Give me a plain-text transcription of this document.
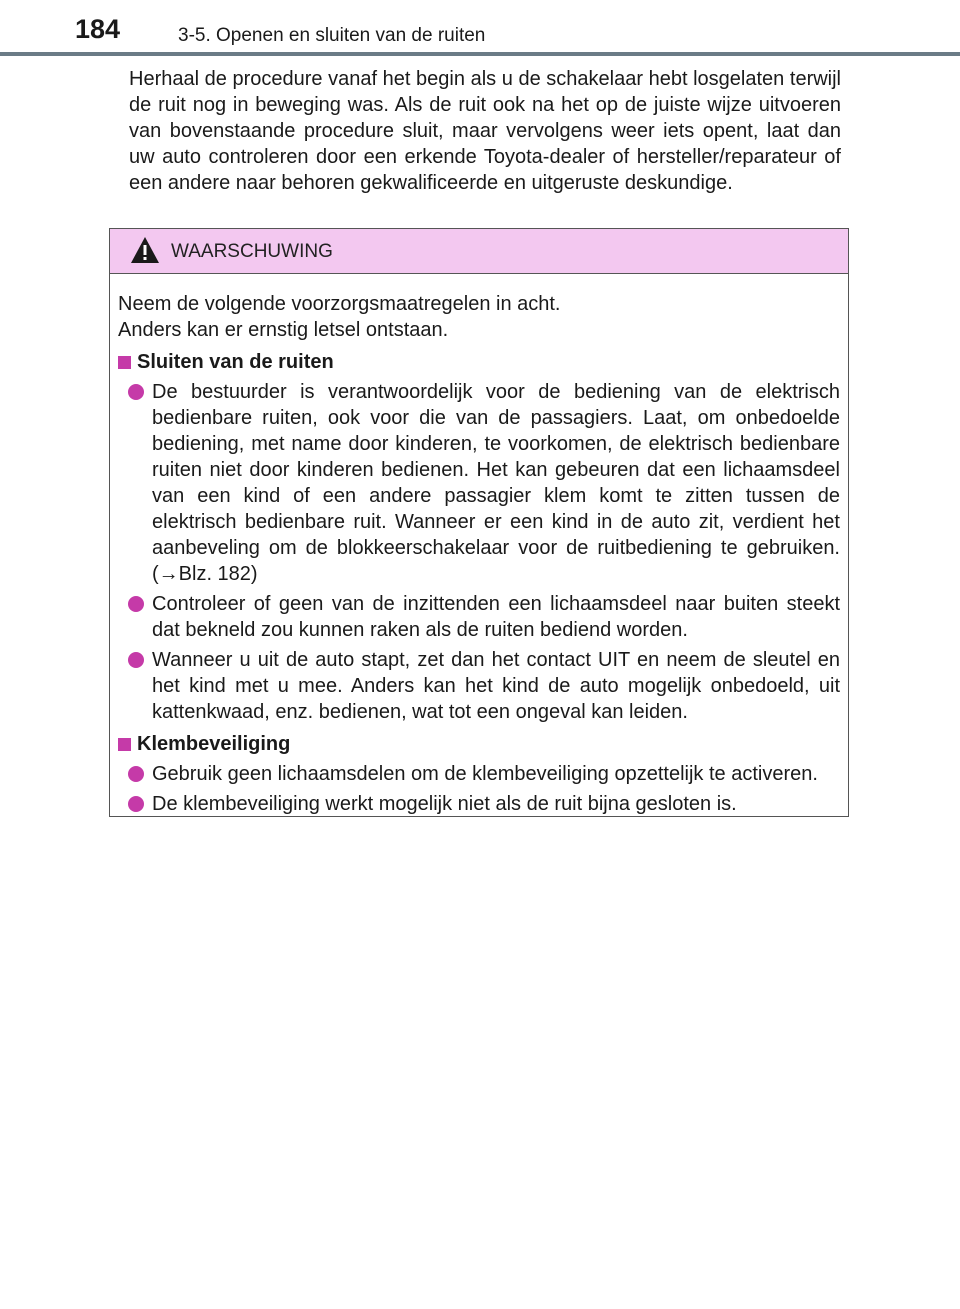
184	3-5. Openen en sluiten van de ruiten

Herhaal de procedure vanaf het begin als u de schakelaar hebt losgelaten terwijl de ruit nog in beweging was. Als de ruit ook na het op de juiste wijze uitvoeren van bovenstaande procedure sluit, maar vervolgens weer iets opent, laat dan uw auto controleren door een erkende Toyota-dealer of hersteller/reparateur of een andere naar behoren gekwalificeerde en uitgeruste deskundige.

WAARSCHUWING

Neem de volgende voorzorgsmaatregelen in acht.

Anders kan er ernstig letsel ontstaan.

Sluiten van de ruiten
De bestuurder is verantwoordelijk voor de bediening van de elektrisch bedienbare ruiten, ook voor die van de passagiers. Laat, om onbedoelde bediening, met name door kinderen, te voorkomen, de elektrisch bedienbare ruiten niet door kinderen bedienen. Het kan gebeuren dat een lichaamsdeel van een kind of een andere passagier klem komt te zitten tussen de elektrisch bedienbare ruit. Wanneer er een kind in de auto zit, verdient het aanbeveling om de blokkeerschakelaar voor de ruitbediening te gebruiken. (→Blz. 182)
Controleer of geen van de inzittenden een lichaamsdeel naar buiten steekt dat bekneld zou kunnen raken als de ruiten bediend worden.
Wanneer u uit de auto stapt, zet dan het contact UIT en neem de sleutel en het kind met u mee. Anders kan het kind de auto mogelijk onbedoeld, uit kattenkwaad, enz. bedienen, wat tot een ongeval kan leiden.
Klembeveiliging
Gebruik geen lichaamsdelen om de klembeveiliging opzettelijk te activeren.
De klembeveiliging werkt mogelijk niet als de ruit bijna gesloten is.
